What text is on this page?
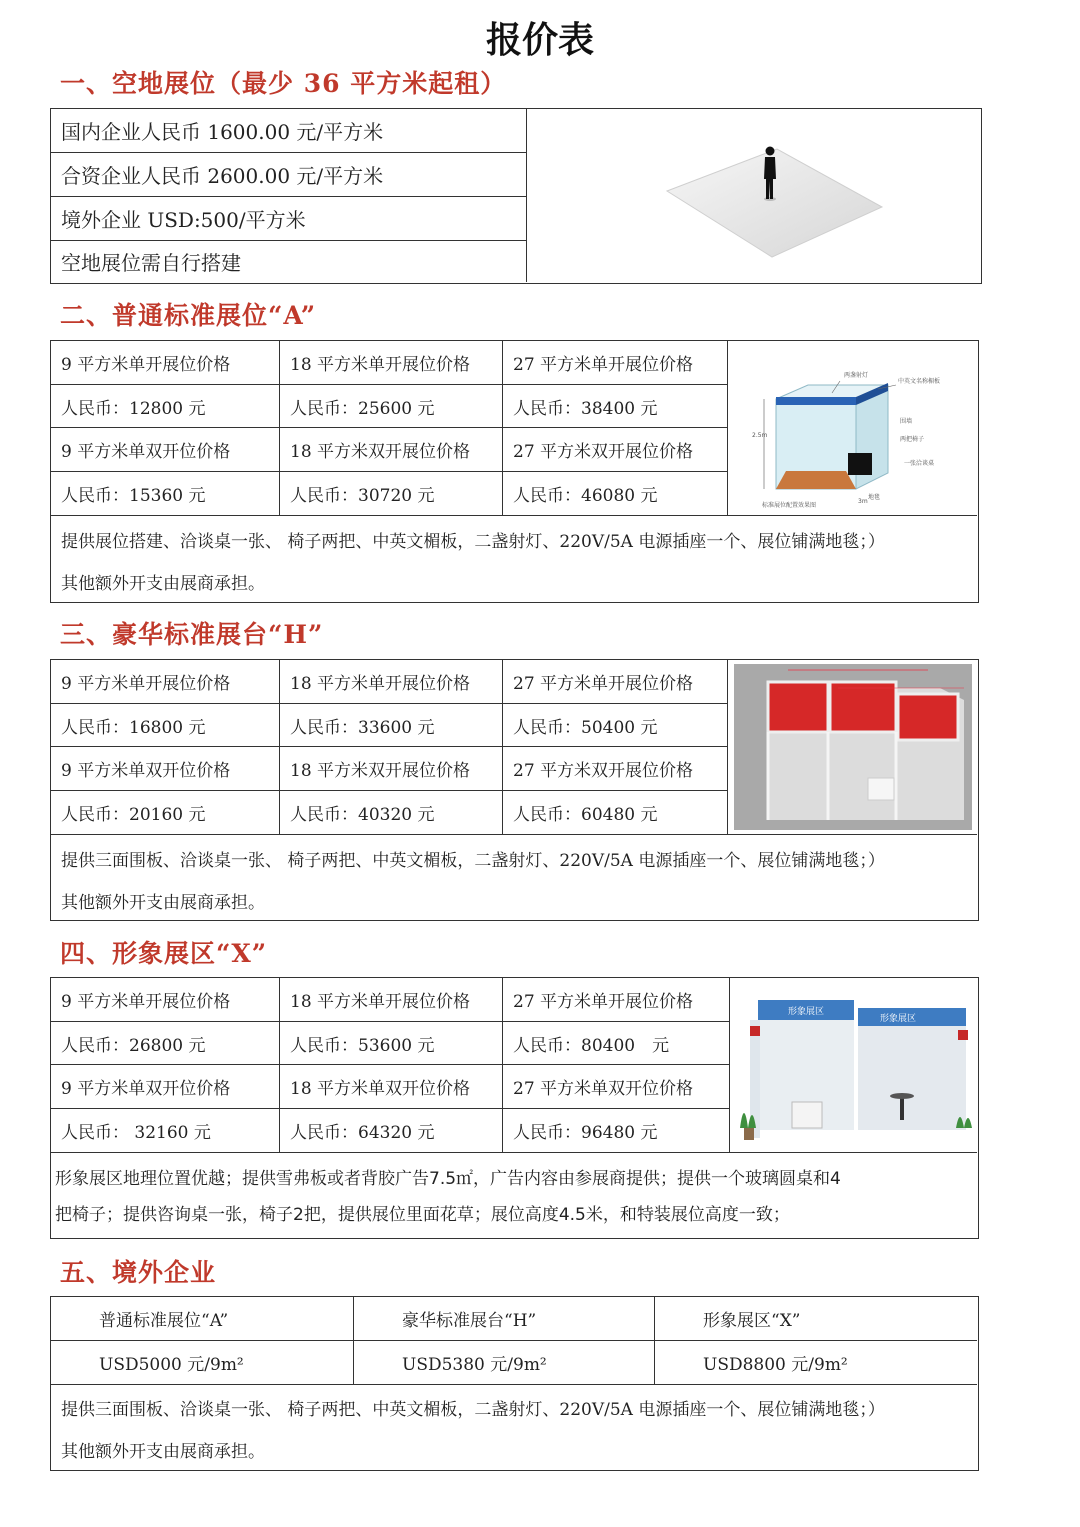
报价表
一、空地展位（最少 36 平方米起租）
国内企业人民币 1600.00 元/平方米
合资企业人民币 2600.00 元/平方米
境外企业 USD:500/平方米
空地展位需自行搭建
二、普通标准展位“A”
9 平方米单开展位价格	18 平方米单开展位价格	27 平方米单开展位价格
人民币：12800 元	人民币：25600 元	人民币：38400 元
9 平方米单双开位价格	18 平方米双开展位价格	27 平方米双开展位价格
人民币：15360 元	人民币：30720 元	人民币：46080 元
2.5m
两盏射灯
中英文名称楣板
围墙
两把椅子
一张洽谈桌
3m
地毯
标准展位配置效果图
提供展位搭建、洽谈桌一张、 椅子两把、中英文楣板，二盏射灯、220V/5A 电源插座一个、展位铺满地毯；）
其他额外开支由展商承担。
三、豪华标准展台“H”
9 平方米单开展位价格	18 平方米单开展位价格	27 平方米单开展位价格
人民币：16800 元	人民币：33600 元	人民币：50400 元
9 平方米单双开位价格	18 平方米双开展位价格	27 平方米双开展位价格
人民币：20160 元	人民币：40320 元	人民币：60480 元
提供三面围板、洽谈桌一张、 椅子两把、中英文楣板，二盏射灯、220V/5A 电源插座一个、展位铺满地毯；）
其他额外开支由展商承担。
四、形象展区“X”
9 平方米单开展位价格	18 平方米单开展位价格	27 平方米单开展位价格
人民币：26800 元	人民币：53600 元	人民币：80400　元
9 平方米单双开位价格	18 平方米单双开位价格	27 平方米单双开位价格
人民币： 32160 元	人民币：64320 元	人民币：96480 元
形象展区
形象展区
形象展区地理位置优越；提供雪弗板或者背胶广告7.5㎡，广告内容由参展商提供；提供一个玻璃圆桌和4
把椅子；提供咨询桌一张，椅子2把，提供展位里面花草；展位高度4.5米，和特装展位高度一致；
五、境外企业
普通标准展位“A”	豪华标准展台“H”	形象展区“X”
USD5000 元/9m²	USD5380 元/9m²	USD8800 元/9m²
提供三面围板、洽谈桌一张、 椅子两把、中英文楣板，二盏射灯、220V/5A 电源插座一个、展位铺满地毯；）
其他额外开支由展商承担。
